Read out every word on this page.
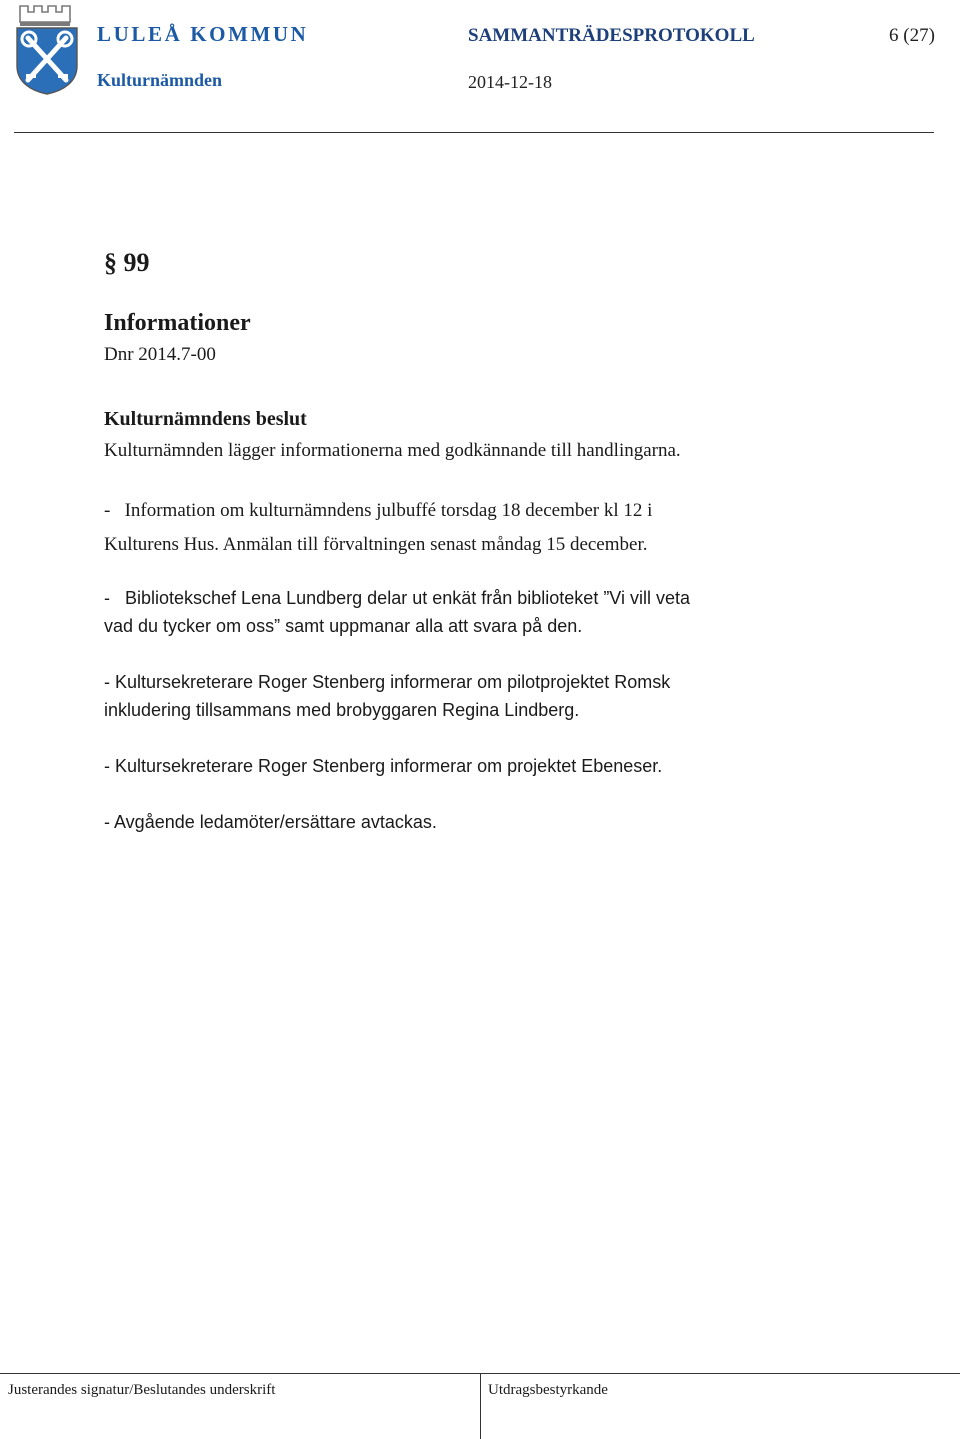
LULEÅ KOMMUN
Kulturnämnden
SAMMANTRÄDESPROTOKOLL	6 (27)
2014-12-18
§ 99
Informationer
Dnr 2014.7-00
Kulturnämndens beslut
Kulturnämnden lägger informationerna med godkännande till handlingarna.
-   Information om kulturnämndens julbuffé torsdag 18 december kl 12 i
Kulturens Hus. Anmälan till förvaltningen senast måndag 15 december.
-   Bibliotekschef Lena Lundberg delar ut enkät från biblioteket ”Vi vill veta
vad du tycker om oss” samt uppmanar alla att svara på den.
- Kultursekreterare Roger Stenberg informerar om pilotprojektet Romsk
inkludering tillsammans med brobyggaren Regina Lindberg.
- Kultursekreterare Roger Stenberg informerar om projektet Ebeneser.
- Avgående ledamöter/ersättare avtackas.
Justerandes signatur/Beslutandes underskrift	Utdragsbestyrkande
